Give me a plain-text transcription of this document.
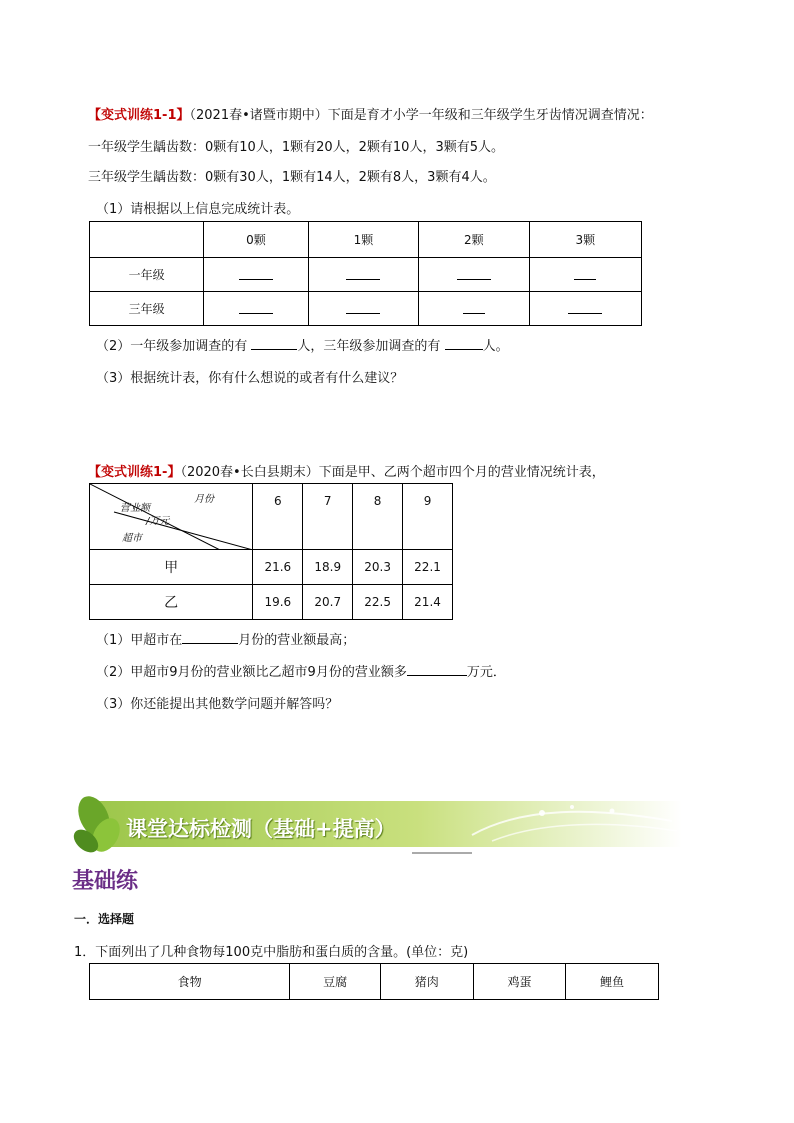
【变式训练1-1】（2021春•诸暨市期中）下面是育才小学一年级和三年级学生牙齿情况调查情况：
一年级学生龋齿数：0颗有10人，1颗有20人，2颗有10人，3颗有5人。
三年级学生龋齿数：0颗有30人，1颗有14人，2颗有8人，3颗有4人。
（1）请根据以上信息完成统计表。
	0颗	1颗	2颗	3颗
一年级				
三年级				
（2）一年级参加调查的有	人，三年级参加调查的有	人。
（3）根据统计表，你有什么想说的或者有什么建议？
【变式训练1-】（2020春•长白县期末）下面是甲、乙两个超市四个月的营业情况统计表，
月份
营业额
/万元
超市	6	7	8	9
甲	21.6	18.9	20.3	22.1
乙	19.6	20.7	22.5	21.4
（1）甲超市在	月份的营业额最高；
（2）甲超市9月份的营业额比乙超市9月份的营业额多	万元．
（3）你还能提出其他数学问题并解答吗？
课堂达标检测（基础+提高）
基础练
一．选择题
1．下面列出了几种食物每100克中脂肪和蛋白质的含量。(单位：克)
食物	豆腐	猪肉	鸡蛋	鲤鱼
